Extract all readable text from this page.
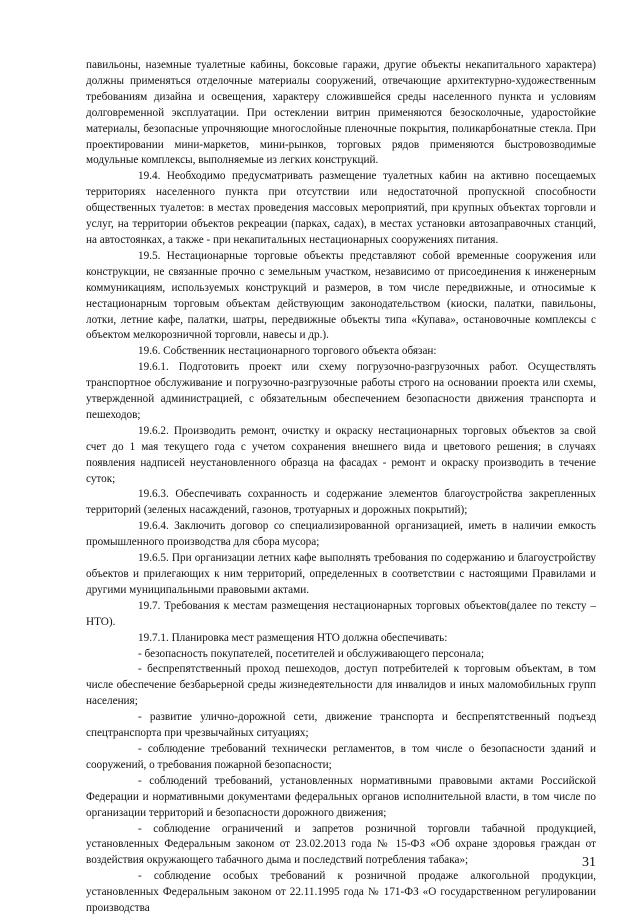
павильоны, наземные туалетные кабины, боксовые гаражи, другие объекты некапитального характера) должны применяться отделочные материалы сооружений, отвечающие архитектурно-художественным требованиям дизайна и освещения, характеру сложившейся среды населенного пункта и условиям долговременной эксплуатации. При остеклении витрин применяются безосколочные, ударостойкие материалы, безопасные упрочняющие многослойные пленочные покрытия, поликарбонатные стекла. При проектировании мини-маркетов, мини-рынков, торговых рядов применяются быстровозводимые модульные комплексы, выполняемые из легких конструкций.

19.4. Необходимо предусматривать размещение туалетных кабин на активно посещаемых территориях населенного пункта при отсутствии или недостаточной пропускной способности общественных туалетов: в местах проведения массовых мероприятий, при крупных объектах торговли и услуг, на территории объектов рекреации (парках, садах), в местах установки автозаправочных станций, на автостоянках, а также - при некапитальных нестационарных сооружениях питания.

19.5. Нестационарные торговые объекты представляют собой временные сооружения или конструкции, не связанные прочно с земельным участком, независимо от присоединения к инженерным коммуникациям, используемых конструкций и размеров, в том числе передвижные, и относимые к нестационарным торговым объектам действующим законодательством (киоски, палатки, павильоны, лотки, летние кафе, палатки, шатры, передвижные объекты типа «Купава», остановочные комплексы с объектом мелкорозничной торговли, навесы и др.).

19.6. Собственник нестационарного торгового объекта обязан:

19.6.1. Подготовить проект или схему погрузочно-разгрузочных работ. Осуществлять транспортное обслуживание и погрузочно-разгрузочные работы строго на основании проекта или схемы, утвержденной администрацией, с обязательным обеспечением безопасности движения транспорта и пешеходов;

19.6.2. Производить ремонт, очистку и окраску нестационарных торговых объектов за свой счет до 1 мая текущего года с учетом сохранения внешнего вида и цветового решения; в случаях появления надписей неустановленного образца на фасадах - ремонт и окраску производить в течение суток;

19.6.3. Обеспечивать сохранность и содержание элементов благоустройства закрепленных территорий (зеленых насаждений, газонов, тротуарных и дорожных покрытий);

19.6.4. Заключить договор со специализированной организацией, иметь в наличии емкость промышленного производства для сбора мусора;

19.6.5. При организации летних кафе выполнять требования по содержанию и благоустройству объектов и прилегающих к ним территорий, определенных в соответствии с настоящими Правилами и другими муниципальными правовыми актами.

19.7. Требования к местам размещения нестационарных торговых объектов(далее по тексту – НТО).

19.7.1. Планировка мест размещения НТО должна обеспечивать:

- безопасность покупателей, посетителей и обслуживающего персонала;

- беспрепятственный проход пешеходов, доступ потребителей к торговым объектам, в том числе обеспечение безбарьерной среды жизнедеятельности для инвалидов и иных маломобильных групп населения;

- развитие улично-дорожной сети, движение транспорта и беспрепятственный подъезд спецтранспорта при чрезвычайных ситуациях;

- соблюдение требований технически регламентов, в том числе о безопасности зданий и сооружений, о требования пожарной безопасности;

- соблюдений требований, установленных нормативными правовыми актами Российской Федерации и нормативными документами федеральных органов исполнительной власти, в том числе по организации территорий и безопасности дорожного движения;

- соблюдение ограничений и запретов розничной торговли табачной продукцией, установленных Федеральным законом от 23.02.2013 года № 15-ФЗ «Об охране здоровья граждан от воздействия окружающего табачного дыма и последствий потребления табака»;

- соблюдение особых требований к розничной продаже алкогольной продукции, установленных Федеральным законом от 22.11.1995 года № 171-ФЗ «О государственном регулировании производства

31
